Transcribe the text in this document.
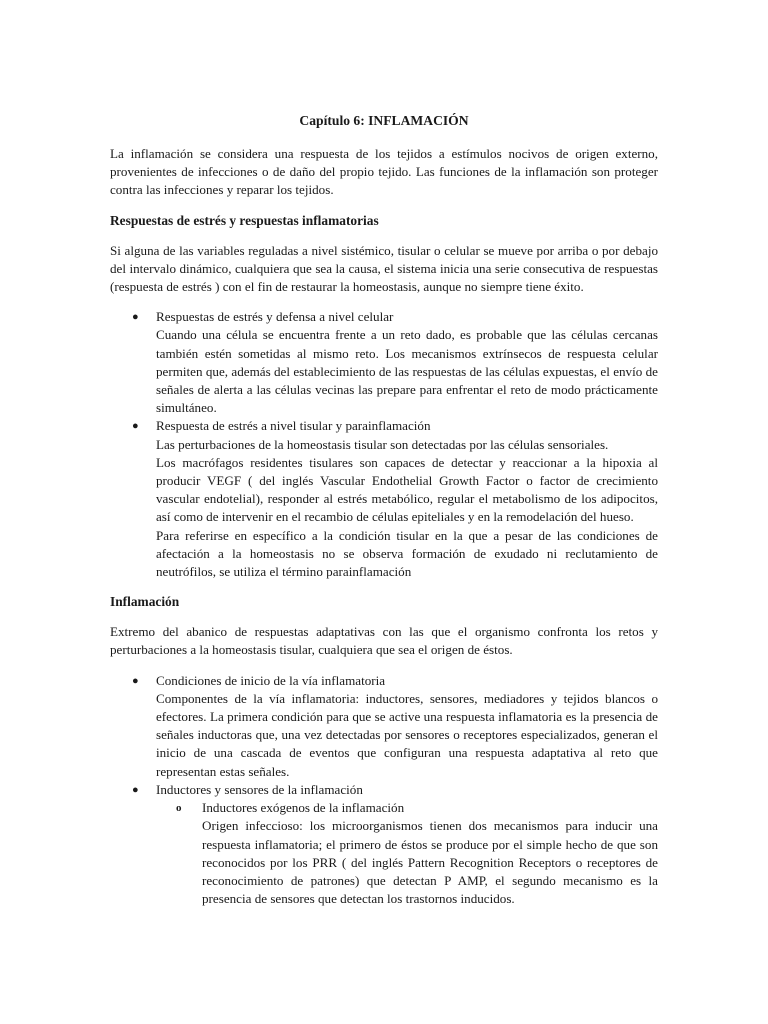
Capítulo 6: INFLAMACIÓN

La inflamación se considera una respuesta de los tejidos a estímulos nocivos de origen externo, provenientes de infecciones o de daño del propio tejido. Las funciones de la inflamación son proteger contra las infecciones y reparar los tejidos.

Respuestas de estrés y respuestas inflamatorias

Si alguna de las variables reguladas a nivel sistémico, tisular o celular se mueve por arriba o por debajo del intervalo dinámico, cualquiera que sea la causa, el sistema inicia una serie consecutiva de respuestas (respuesta de estrés ) con el fin de restaurar la homeostasis, aunque no siempre tiene éxito.

● Respuestas de estrés y defensa a nivel celular
Cuando una célula se encuentra frente a un reto dado, es probable que las células cercanas también estén sometidas al mismo reto. Los mecanismos extrínsecos de respuesta celular permiten que, además del establecimiento de las respuestas de las células expuestas, el envío de señales de alerta a las células vecinas las prepare para enfrentar el reto de modo prácticamente simultáneo.
● Respuesta de estrés a nivel tisular y parainflamación
Las perturbaciones de la homeostasis tisular son detectadas por las células sensoriales.
Los macrófagos residentes tisulares son capaces de detectar y reaccionar a la hipoxia al producir VEGF ( del inglés Vascular Endothelial Growth Factor o factor de crecimiento vascular endotelial), responder al estrés metabólico, regular el metabolismo de los adipocitos, así como de intervenir en el recambio de células epiteliales y en la remodelación del hueso.
Para referirse en específico a la condición tisular en la que a pesar de las condiciones de afectación a la homeostasis no se observa formación de exudado ni reclutamiento de neutrófilos, se utiliza el término parainflamación
Inflamación

Extremo del abanico de respuestas adaptativas con las que el organismo confronta los retos y perturbaciones a la homeostasis tisular, cualquiera que sea el origen de éstos.

● Condiciones de inicio de la vía inflamatoria
Componentes de la vía inflamatoria: inductores, sensores, mediadores y tejidos blancos o efectores. La primera condición para que se active una respuesta inflamatoria es la presencia de señales inductoras que, una vez detectadas por sensores o receptores especializados, generan el inicio de una cascada de eventos que configuran una respuesta adaptativa al reto que representan estas señales.
● Inductores y sensores de la inflamación
o Inductores exógenos de la inflamación
Origen infeccioso: los microorganismos tienen dos mecanismos para inducir una respuesta inflamatoria; el primero de éstos se produce por el simple hecho de que son reconocidos por los PRR ( del inglés Pattern Recognition Receptors o receptores de reconocimiento de patrones) que detectan P AMP, el segundo mecanismo es la presencia de sensores que detectan los trastornos inducidos.
